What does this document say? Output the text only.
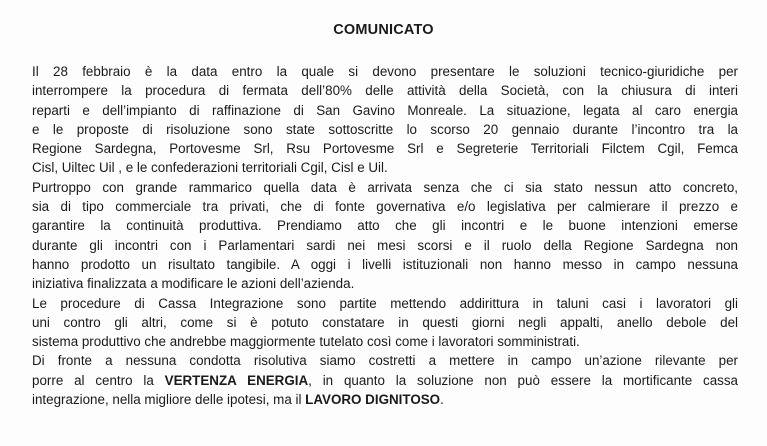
COMUNICATO

Il 28 febbraio è la data entro la quale si devono presentare le soluzioni tecnico-giuridiche per
interrompere la procedura di fermata dell’80% delle attività della Società, con la chiusura di interi
reparti e dell’impianto di raffinazione di San Gavino Monreale. La situazione, legata al caro energia
e le proposte di risoluzione sono state sottoscritte lo scorso 20 gennaio durante l’incontro tra la
Regione Sardegna, Portovesme Srl, Rsu Portovesme Srl e Segreterie Territoriali Filctem Cgil, Femca
Cisl, Uiltec Uil , e le confederazioni territoriali Cgil, Cisl e Uil.

Purtroppo con grande rammarico quella data è arrivata senza che ci sia stato nessun atto concreto,
sia di tipo commerciale tra privati, che di fonte governativa e/o legislativa per calmierare il prezzo e
garantire la continuità produttiva. Prendiamo atto che gli incontri e le buone intenzioni emerse
durante gli incontri con i Parlamentari sardi nei mesi scorsi e il ruolo della Regione Sardegna non
hanno prodotto un risultato tangibile. A oggi i livelli istituzionali non hanno messo in campo nessuna
iniziativa finalizzata a modificare le azioni dell’azienda.

Le procedure di Cassa Integrazione sono partite mettendo addirittura in taluni casi i lavoratori gli
uni contro gli altri, come si è potuto constatare in questi giorni negli appalti, anello debole del
sistema produttivo che andrebbe maggiormente tutelato così come i lavoratori somministrati.

Di fronte a nessuna condotta risolutiva siamo costretti a mettere in campo un’azione rilevante per
porre al centro la VERTENZA ENERGIA, in quanto la soluzione non può essere la mortificante cassa
integrazione, nella migliore delle ipotesi, ma il LAVORO DIGNITOSO.
